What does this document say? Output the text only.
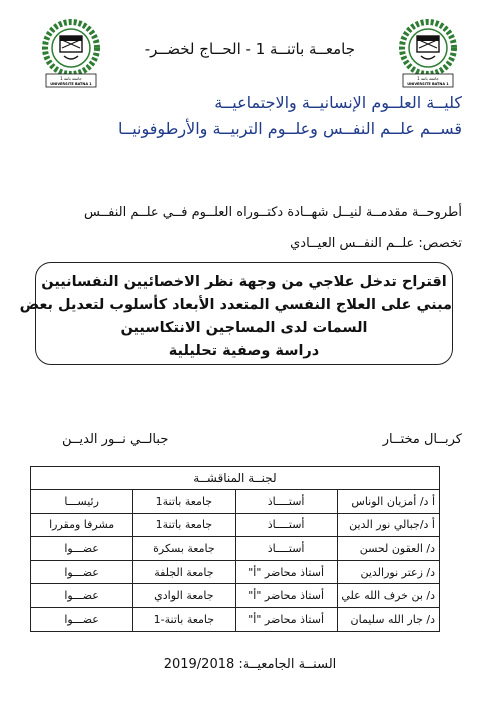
جامعة باتنة 1
UNIVERSITE BATNA 1
جامعة باتنة 1
UNIVERSITE BATNA 1
جامعــة باتنــة 1 - الحــاج لخضــر-
كليــة العلــوم الإنسانيــة والاجتماعيــة
قســم علــم النفــس وعلــوم التربيــة والأرطوفونيــا
أطروحــة مقدمــة لنيــل شهــادة دكتــوراه العلــوم فــي علــم النفــس
تخصص: علــم النفــس العيــادي
اقتراح تدخل علاجي من وجهة نظر الاخصائيين النفسانيين
مبني على العلاج النفسي المتعدد الأبعاد كأسلوب لتعديل بعض
السمات لدى المساجين الانتكاسيين
دراسة وصفية تحليلية
كربــال مختــار
جبالــي نــور الديــن
لجنــة المناقشــة			
أ د/ أمزيان الوناس	أستــــاذ	جامعة باتنة1	رئيســـا
أ د/جبالي نور الدين	أستــــاذ	جامعة باتنة1	مشرفا ومقررا
د/ العقون لحسن	أستــــاذ	جامعة بسكرة	عضـــوا
د/ زعتر نورالدين	أستاذ محاضر "أ"	جامعة الجلفة	عضـــوا
د/ بن خرف الله علي	أستاذ محاضر "أ"	جامعة الوادي	عضـــوا
د/ جار الله سليمان	أستاذ محاضر "أ"	جامعة باتنة-1	عضـــوا
السنــة الجامعيــة: 2019/2018
